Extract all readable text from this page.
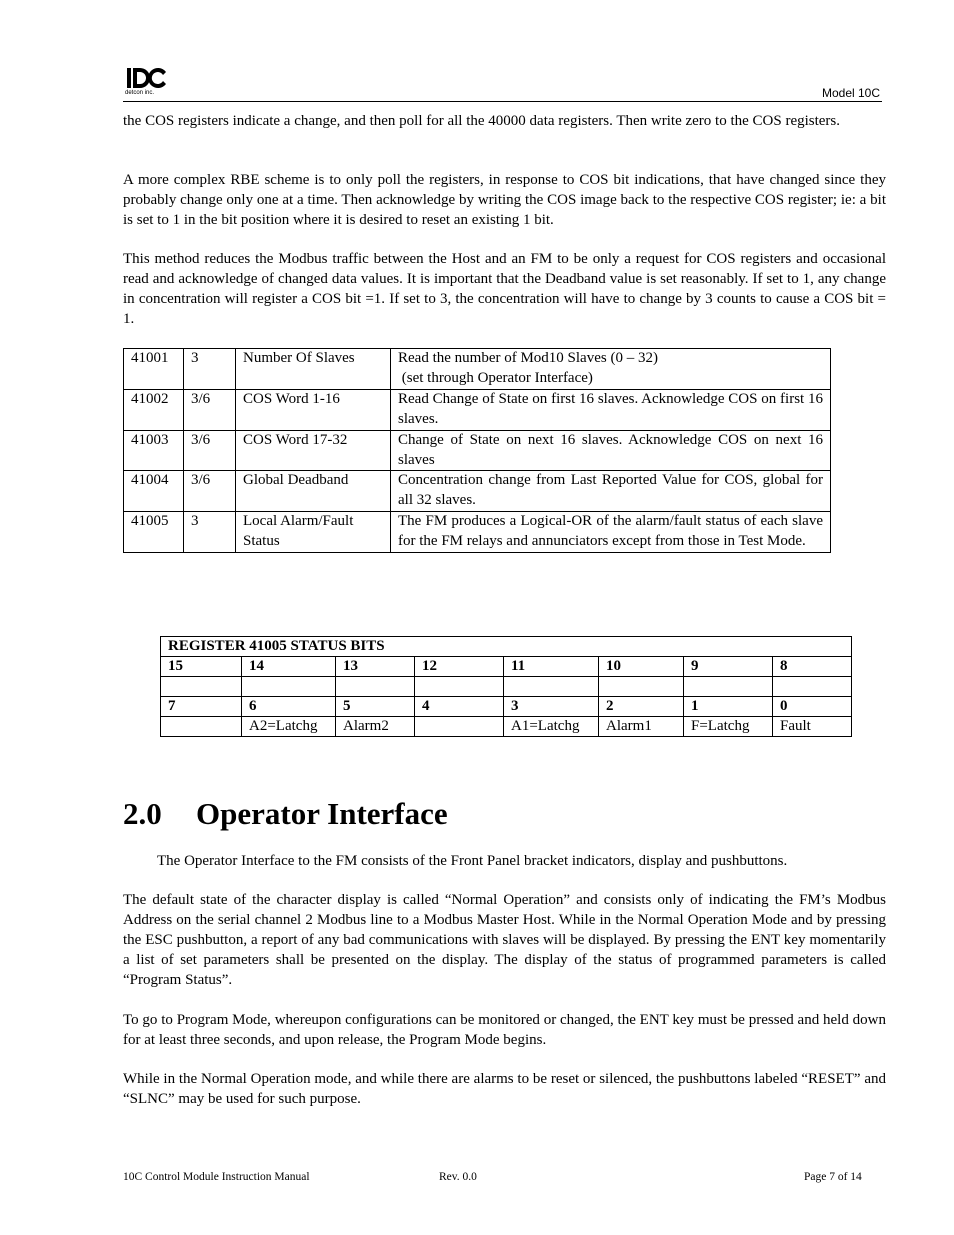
detcon inc.	Model 10C

the COS registers indicate a change, and then poll for all the 40000 data registers. Then write zero to the COS registers.

A more complex RBE scheme is to only poll the registers, in response to COS bit indications, that have changed since they probably change only one at a time. Then acknowledge by writing the COS image back to the respective COS register; ie: a bit is set to 1 in the bit position where it is desired to reset an existing 1 bit.

This method reduces the Modbus traffic between the Host and an FM to be only a request for COS registers and occasional read and acknowledge of changed data values. It is important that the Deadband value is set reasonably. If set to 1, any change in concentration will register a COS bit =1. If set to 3, the concentration will have to change by 3 counts to cause a COS bit = 1.

41001	3	Number Of Slaves	Read the number of Mod10 Slaves (0 – 32)
(set through Operator Interface)

41002	3/6	COS Word 1-16	Read Change of State on first 16 slaves. Acknowledge COS on first 16 slaves.
41003	3/6	COS Word 17-32	Change of State on next 16 slaves. Acknowledge COS on next 16 slaves
41004	3/6	Global Deadband	Concentration change from Last Reported Value for COS, global for all 32 slaves.
41005	3	Local Alarm/Fault Status	The FM produces a Logical-OR of the alarm/fault status of each slave for the FM relays and annunciators except from those in Test Mode.
REGISTER 41005 STATUS BITS							
15	14	13	12	11	10	9	8

7	6	5	4	3	2	1	0
	A2=Latchg	Alarm2		A1=Latchg	Alarm1	F=Latchg	Fault
2.0 Operator Interface

The Operator Interface to the FM consists of the Front Panel bracket indicators, display and pushbuttons.

The default state of the character display is called “Normal Operation” and consists only of indicating the FM’s Modbus Address on the serial channel 2 Modbus line to a Modbus Master Host. While in the Normal Operation Mode and by pressing the ESC pushbutton, a report of any bad communications with slaves will be displayed. By pressing the ENT key momentarily a list of set parameters shall be presented on the display. The display of the status of programmed parameters is called “Program Status”.

To go to Program Mode, whereupon configurations can be monitored or changed, the ENT key must be pressed and held down for at least three seconds, and upon release, the Program Mode begins.

While in the Normal Operation mode, and while there are alarms to be reset or silenced, the pushbuttons labeled “RESET” and “SLNC” may be used for such purpose.

10C Control Module Instruction Manual	Rev. 0.0	Page 7 of 14
